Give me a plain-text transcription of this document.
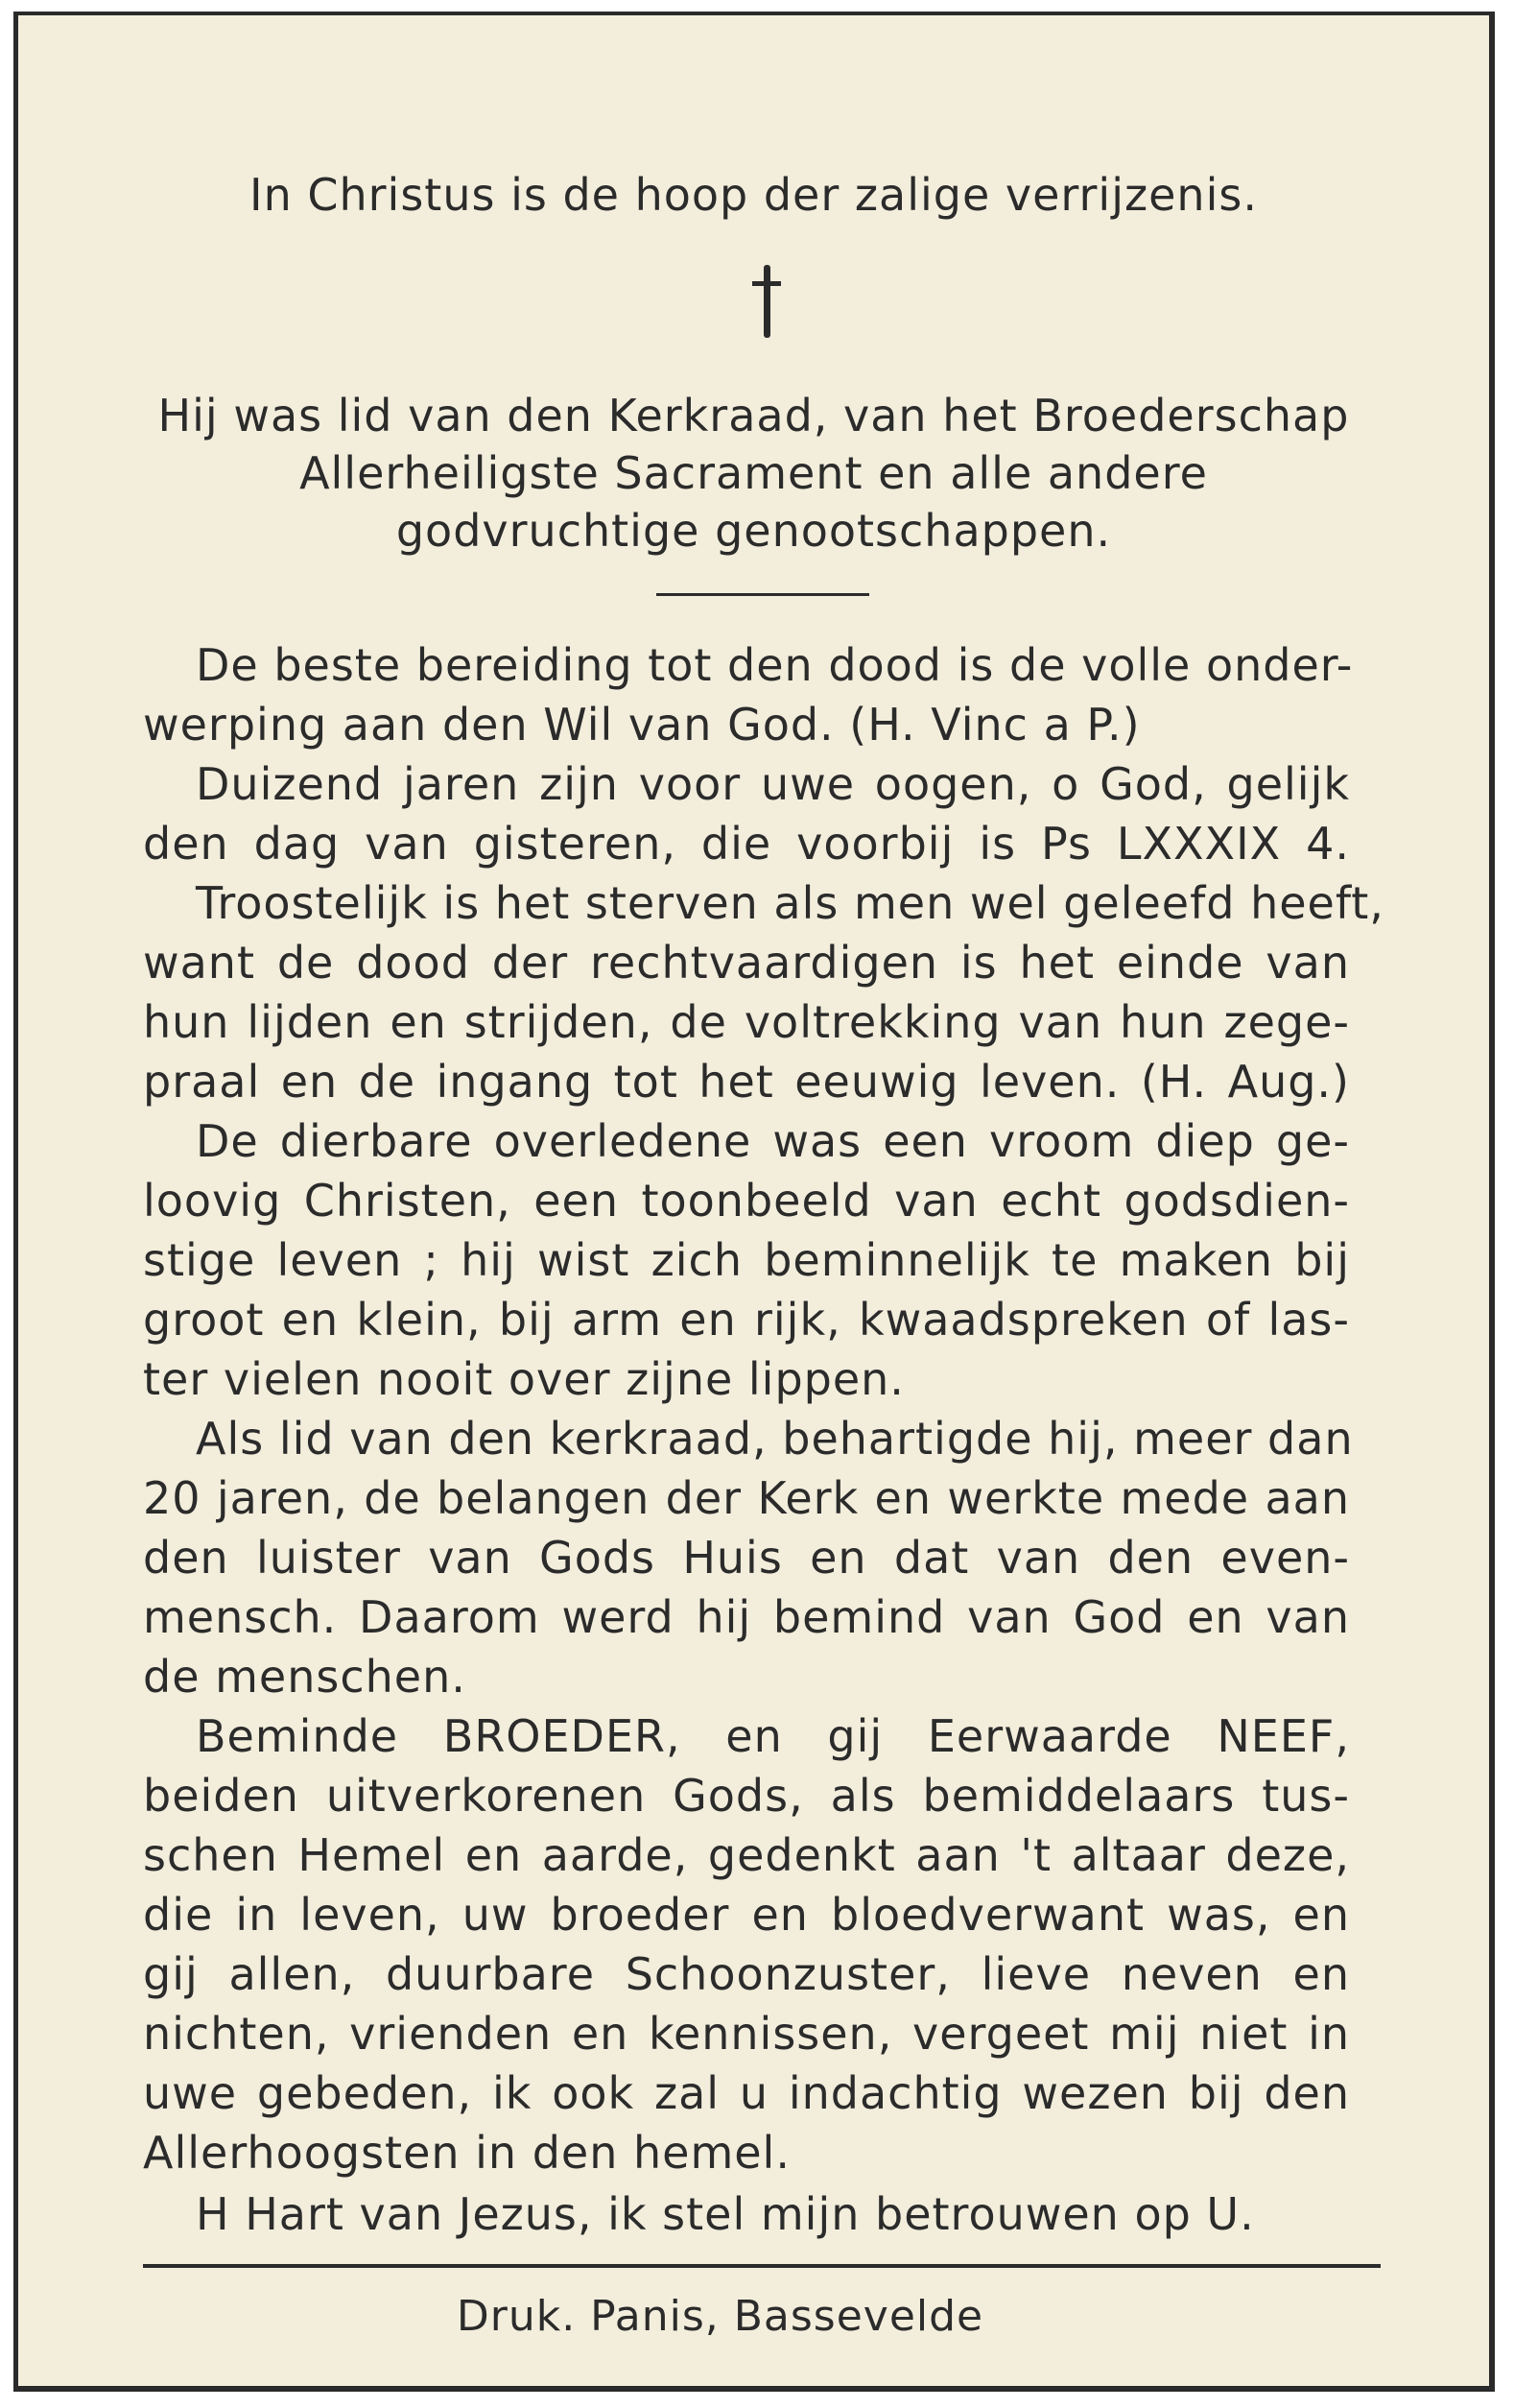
In Christus is de hoop der zalige verrijzenis.
Hij was lid van den Kerkraad, van het Broederschap
Allerheiligste Sacrament en alle andere
godvruchtige genootschappen.
De beste bereiding tot den dood is de volle onder-
werping aan den Wil van God. (H. Vinc a P.)
Duizend jaren zijn voor uwe oogen, o God, gelijk
den dag van gisteren, die voorbij is Ps LXXXIX 4.
Troostelijk is het sterven als men wel geleefd heeft,
want de dood der rechtvaardigen is het einde van
hun lijden en strijden, de voltrekking van hun zege-
praal en de ingang tot het eeuwig leven. (H. Aug.)
De dierbare overledene was een vroom diep ge-
loovig Christen, een toonbeeld van echt godsdien-
stige leven ; hij wist zich beminnelijk te maken bij
groot en klein, bij arm en rijk, kwaadspreken of las-
ter vielen nooit over zijne lippen.
Als lid van den kerkraad, behartigde hij, meer dan
20 jaren, de belangen der Kerk en werkte mede aan
den luister van Gods Huis en dat van den even-
mensch. Daarom werd hij bemind van God en van
de menschen.
Beminde BROEDER, en gij Eerwaarde NEEF,
beiden uitverkorenen Gods, als bemiddelaars tus-
schen Hemel en aarde, gedenkt aan 't altaar deze,
die in leven, uw broeder en bloedverwant was, en
gij allen, duurbare Schoonzuster, lieve neven en
nichten, vrienden en kennissen, vergeet mij niet in
uwe gebeden, ik ook zal u indachtig wezen bij den
Allerhoogsten in den hemel.
H Hart van Jezus, ik stel mijn betrouwen op U.
Druk. Panis, Bassevelde
